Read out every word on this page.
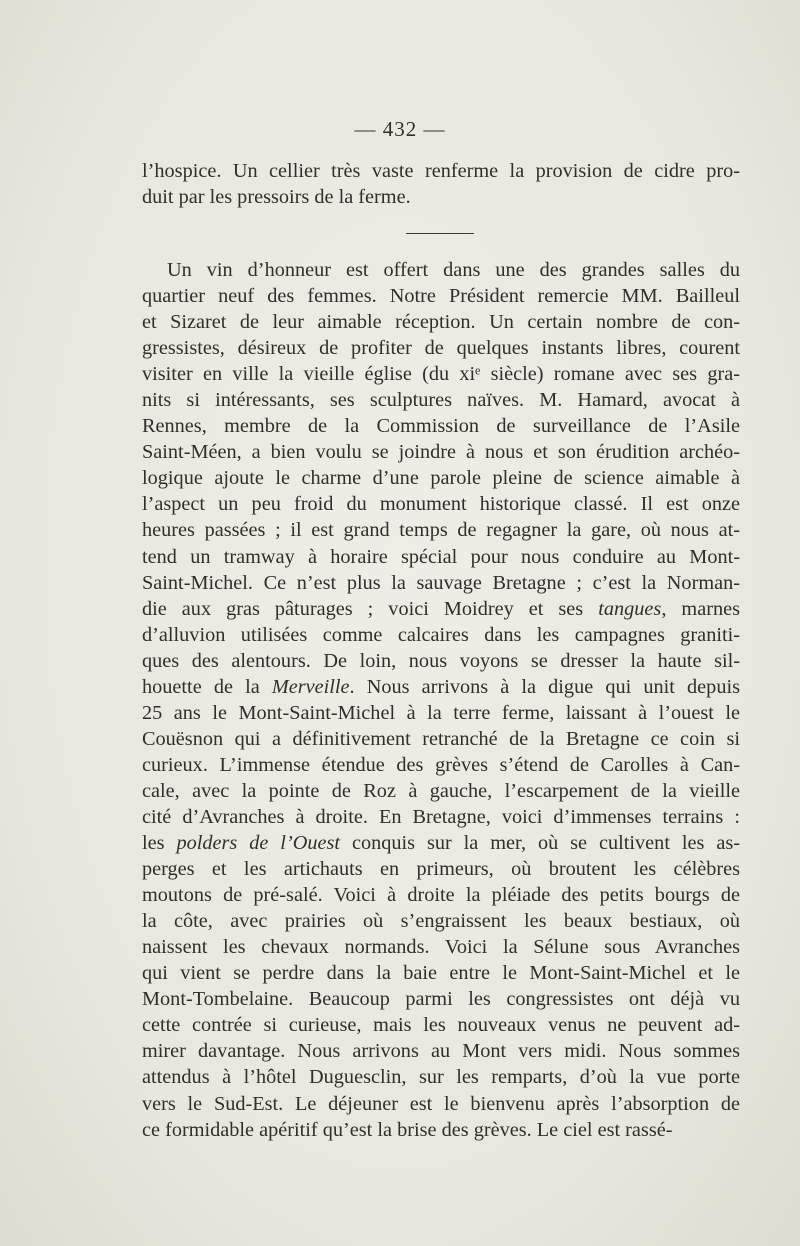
— 432 —
l’hospice. Un cellier très vaste renferme la provision de cidre pro-
duit par les pressoirs de la ferme.
Un vin d’honneur est offert dans une des grandes salles du
quartier neuf des femmes. Notre Président remercie MM. Bailleul
et Sizaret de leur aimable réception. Un certain nombre de con-
gressistes, désireux de profiter de quelques instants libres, courent
visiter en ville la vieille église (du xiᵉ siècle) romane avec ses gra-
nits si intéressants, ses sculptures naïves. M. Hamard, avocat à
Rennes, membre de la Commission de surveillance de l’Asile
Saint-Méen, a bien voulu se joindre à nous et son érudition archéo-
logique ajoute le charme d’une parole pleine de science aimable à
l’aspect un peu froid du monument historique classé. Il est onze
heures passées ; il est grand temps de regagner la gare, où nous at-
tend un tramway à horaire spécial pour nous conduire au Mont-
Saint-Michel. Ce n’est plus la sauvage Bretagne ; c’est la Norman-
die aux gras pâturages ; voici Moidrey et ses tangues, marnes
d’alluvion utilisées comme calcaires dans les campagnes graniti-
ques des alentours. De loin, nous voyons se dresser la haute sil-
houette de la Merveille. Nous arrivons à la digue qui unit depuis
25 ans le Mont-Saint-Michel à la terre ferme, laissant à l’ouest le
Couësnon qui a définitivement retranché de la Bretagne ce coin si
curieux. L’immense étendue des grèves s’étend de Carolles à Can-
cale, avec la pointe de Roz à gauche, l’escarpement de la vieille
cité d’Avranches à droite. En Bretagne, voici d’immenses terrains :
les polders de l’Ouest conquis sur la mer, où se cultivent les as-
perges et les artichauts en primeurs, où broutent les célèbres
moutons de pré-salé. Voici à droite la pléiade des petits bourgs de
la côte, avec prairies où s’engraissent les beaux bestiaux, où
naissent les chevaux normands. Voici la Sélune sous Avranches
qui vient se perdre dans la baie entre le Mont-Saint-Michel et le
Mont-Tombelaine. Beaucoup parmi les congressistes ont déjà vu
cette contrée si curieuse, mais les nouveaux venus ne peuvent ad-
mirer davantage. Nous arrivons au Mont vers midi. Nous sommes
attendus à l’hôtel Duguesclin, sur les remparts, d’où la vue porte
vers le Sud-Est. Le déjeuner est le bienvenu après l’absorption de
ce formidable apéritif qu’est la brise des grèves. Le ciel est rassé-
